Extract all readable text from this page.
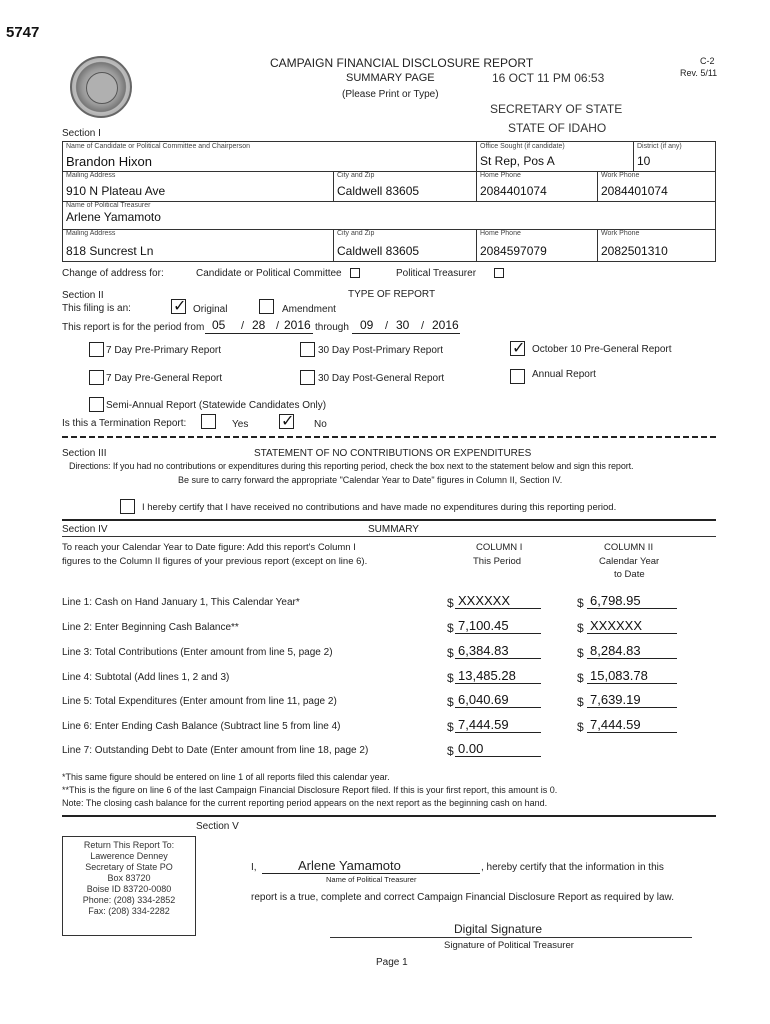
5747
CAMPAIGN FINANCIAL DISCLOSURE REPORT
SUMMARY PAGE
(Please Print or Type)
16 OCT 11 PM 06:53
SECRETARY OF STATE
STATE OF IDAHO
C-2
Rev. 5/11
Section I
Name of Candidate or Political Committee and Chairperson
Brandon Hixon
Office Sought (if candidate)
St Rep, Pos A
District (if any)
10
Mailing Address
910 N Plateau Ave
City and Zip
Caldwell 83605
Home Phone
2084401074
Work Phone
2084401074
Name of Political Treasurer
Arlene Yamamoto
Mailing Address
818 Suncrest Ln
City and Zip
Caldwell 83605
Home Phone
2084597079
Work Phone
2082501310
Change of address for:	Candidate or Political Committee	Political Treasurer
Section II	TYPE OF REPORT
This filing is an:	✓ Original	Amendment
This report is for the period from 05 / 28 / 2016 through 09 / 30 / 2016
7 Day Pre-Primary Report	30 Day Post-Primary Report	✓ October 10 Pre-General Report
7 Day Pre-General Report	30 Day Post-General Report	Annual Report
Semi-Annual Report (Statewide Candidates Only)
Is this a Termination Report:	Yes ✓ No
Section III	STATEMENT OF NO CONTRIBUTIONS OR EXPENDITURES
Directions: If you had no contributions or expenditures during this reporting period, check the box next to the statement below and sign this report.
Be sure to carry forward the appropriate "Calendar Year to Date" figures in Column II, Section IV.
I hereby certify that I have received no contributions and have made no expenditures during this reporting period.
Section IV	SUMMARY
To reach your Calendar Year to Date figure: Add this report's Column I
figures to the Column II figures of your previous report (except on line 6).
COLUMN I
This Period
COLUMN II
Calendar Year
to Date
Line 1: Cash on Hand January 1, This Calendar Year*	$ XXXXXX	$ 6,798.95
Line 2: Enter Beginning Cash Balance**	$ 7,100.45	$ XXXXXX
Line 3: Total Contributions (Enter amount from line 5, page 2)	$ 6,384.83	$ 8,284.83
Line 4: Subtotal (Add lines 1, 2 and 3)	$ 13,485.28	$ 15,083.78
Line 5: Total Expenditures (Enter amount from line 11, page 2)	$ 6,040.69	$ 7,639.19
Line 6: Enter Ending Cash Balance (Subtract line 5 from line 4)	$ 7,444.59	$ 7,444.59
Line 7: Outstanding Debt to Date (Enter amount from line 18, page 2)	$ 0.00
*This same figure should be entered on line 1 of all reports filed this calendar year.
**This is the figure on line 6 of the last Campaign Financial Disclosure Report filed. If this is your first report, this amount is 0.
Note: The closing cash balance for the current reporting period appears on the next report as the beginning cash on hand.
Section V
Return This Report To:
Lawerence Denney
Secretary of State PO
Box 83720
Boise ID 83720-0080
Phone: (208) 334-2852
Fax: (208) 334-2282
I,	Arlene Yamamoto	, hereby certify that the information in this
Name of Political Treasurer
report is a true, complete and correct Campaign Financial Disclosure Report as required by law.
Digital Signature
Signature of Political Treasurer
Page 1
